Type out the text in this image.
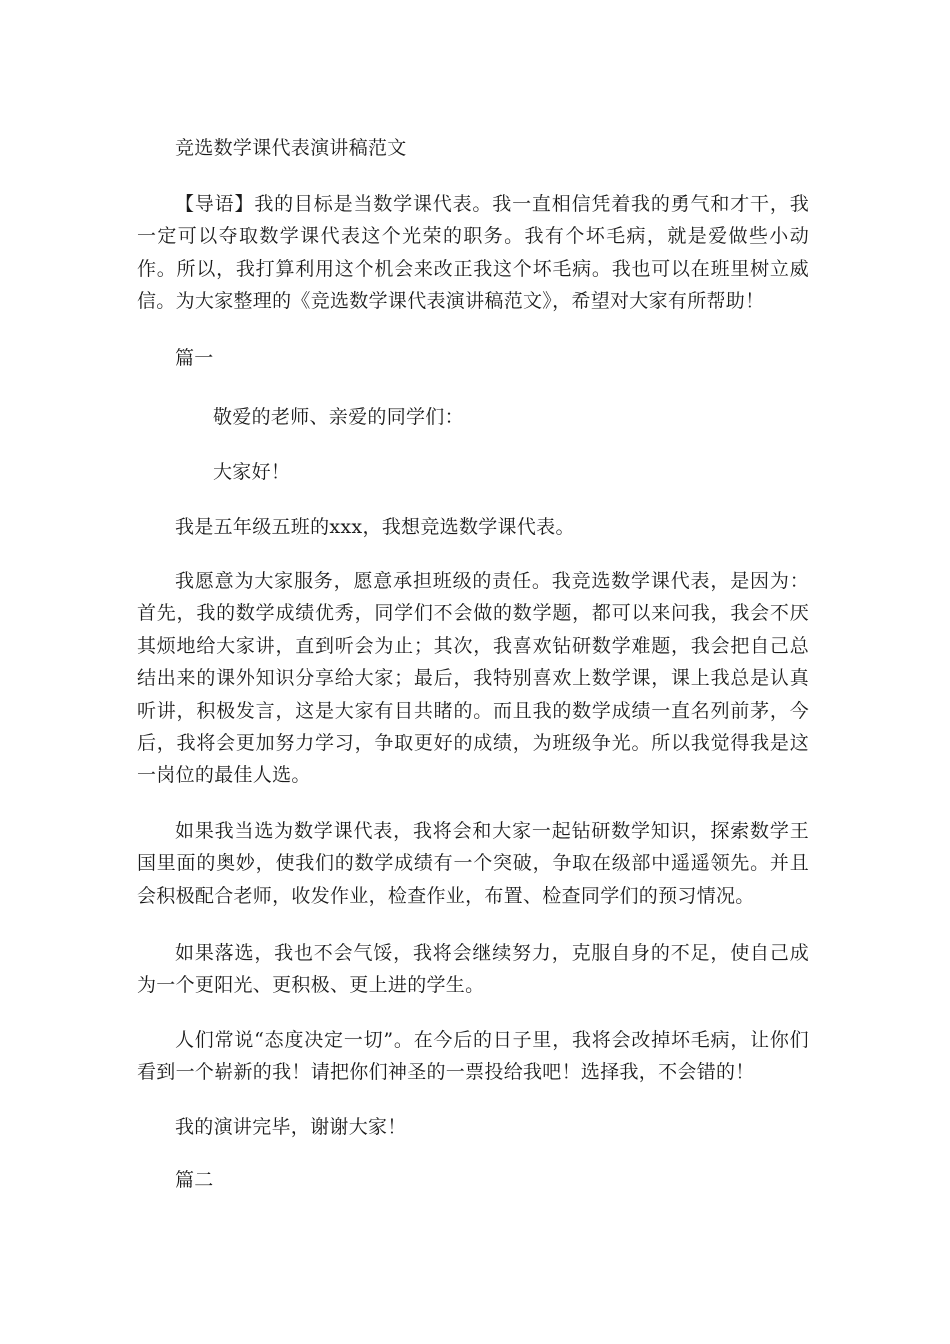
竞选数学课代表演讲稿范文
【导语】我的目标是当数学课代表。我一直相信凭着我的勇气和才干，我一定可以夺取数学课代表这个光荣的职务。我有个坏毛病，就是爱做些小动作。所以，我打算利用这个机会来改正我这个坏毛病。我也可以在班里树立威信。为大家整理的《竞选数学课代表演讲稿范文》，希望对大家有所帮助！
篇一
敬爱的老师、亲爱的同学们：
大家好！
我是五年级五班的xxx，我想竞选数学课代表。
我愿意为大家服务，愿意承担班级的责任。我竞选数学课代表，是因为：首先，我的数学成绩优秀，同学们不会做的数学题，都可以来问我，我会不厌其烦地给大家讲，直到听会为止；其次，我喜欢钻研数学难题，我会把自己总结出来的课外知识分享给大家；最后，我特别喜欢上数学课，课上我总是认真听讲，积极发言，这是大家有目共睹的。而且我的数学成绩一直名列前茅，今后，我将会更加努力学习，争取更好的成绩，为班级争光。所以我觉得我是这一岗位的最佳人选。
如果我当选为数学课代表，我将会和大家一起钻研数学知识，探索数学王国里面的奥妙，使我们的数学成绩有一个突破，争取在级部中遥遥领先。并且会积极配合老师，收发作业，检查作业，布置、检查同学们的预习情况。
如果落选，我也不会气馁，我将会继续努力，克服自身的不足，使自己成为一个更阳光、更积极、更上进的学生。
人们常说“态度决定一切”。在今后的日子里，我将会改掉坏毛病，让你们看到一个崭新的我！请把你们神圣的一票投给我吧！选择我，不会错的！
我的演讲完毕，谢谢大家！
篇二
